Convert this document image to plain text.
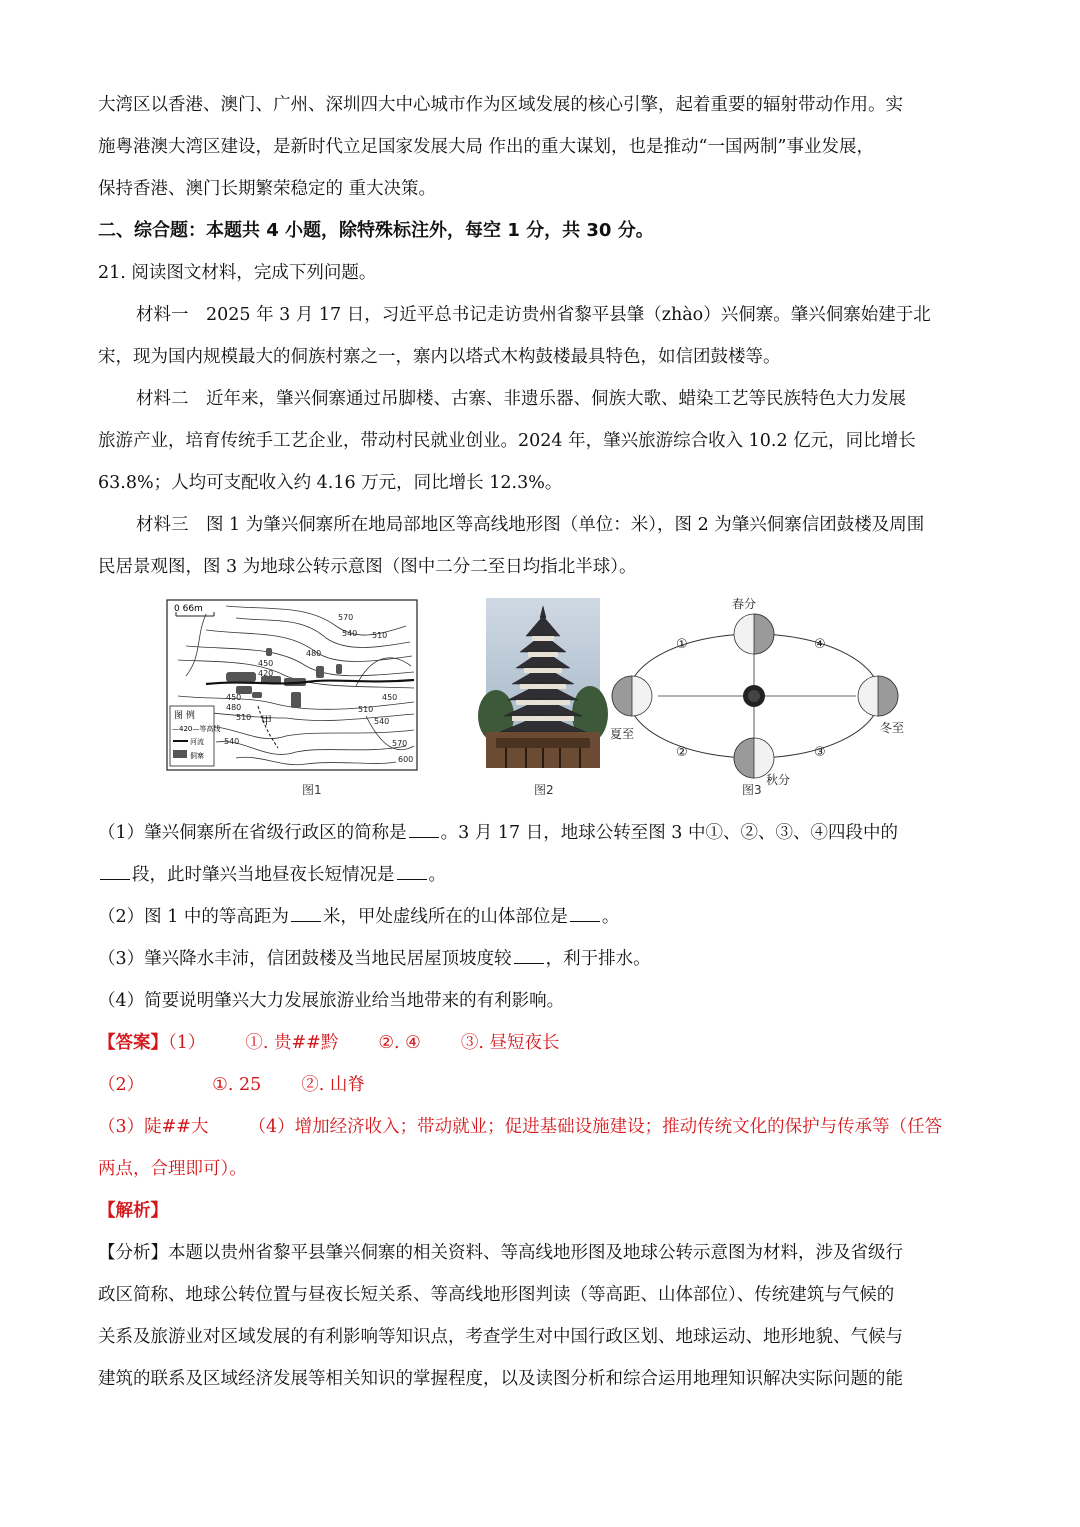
大湾区以香港、澳门、广州、深圳四大中心城市作为区域发展的核心引擎，起着重要的辐射带动作用。实

施粤港澳大湾区建设，是新时代立足国家发展大局 作出的重大谋划，也是推动“一国两制”事业发展，

保持香港、澳门长期繁荣稳定的 重大决策。

二、综合题：本题共 4 小题，除特殊标注外，每空 1 分，共 30 分。

21. 阅读图文材料，完成下列问题。

材料一　2025 年 3 月 17 日，习近平总书记走访贵州省黎平县肇（zhào）兴侗寨。肇兴侗寨始建于北

宋，现为国内规模最大的侗族村寨之一，寨内以塔式木构鼓楼最具特色，如信团鼓楼等。

材料二　近年来，肇兴侗寨通过吊脚楼、古寨、非遗乐器、侗族大歌、蜡染工艺等民族特色大力发展

旅游产业，培育传统手工艺企业，带动村民就业创业。2024 年，肇兴旅游综合收入 10.2 亿元，同比增长

63.8%；人均可支配收入约 4.16 万元，同比增长 12.3%。

材料三　图 1 为肇兴侗寨所在地局部地区等高线地形图（单位：米），图 2 为肇兴侗寨信团鼓楼及周围

民居景观图，图 3 为地球公转示意图（图中二分二至日均指北半球）。

0 66m
甲
570
540 510
480
450
420
450
480
510
540
450
510
540
570
600
图 例
—420—等高线
河流
侗寨
图1	图2
①
②	③
④
春分
夏至
秋分
冬至
图3

（1）肇兴侗寨所在省级行政区的简称是 。3 月 17 日，地球公转至图 3 中①、②、③、④四段中的

段，此时肇兴当地昼夜长短情况是 。

（2）图 1 中的等高距为 米，甲处虚线所在的山体部位是 。

（3）肇兴降水丰沛，信团鼓楼及当地民居屋顶坡度较 ，利于排水。

（4）简要说明肇兴大力发展旅游业给当地带来的有利影响。

【答案】（1） ①. 贵##黔 ②. ④ ③. 昼短夜长

（2）	①. 25 ②. 山脊

（3）陡##大 （4）增加经济收入；带动就业；促进基础设施建设；推动传统文化的保护与传承等（任答

两点，合理即可）。

【解析】

【分析】本题以贵州省黎平县肇兴侗寨的相关资料、等高线地形图及地球公转示意图为材料，涉及省级行

政区简称、地球公转位置与昼夜长短关系、等高线地形图判读（等高距、山体部位）、传统建筑与气候的

关系及旅游业对区域发展的有利影响等知识点，考查学生对中国行政区划、地球运动、地形地貌、气候与

建筑的联系及区域经济发展等相关知识的掌握程度，以及读图分析和综合运用地理知识解决实际问题的能
